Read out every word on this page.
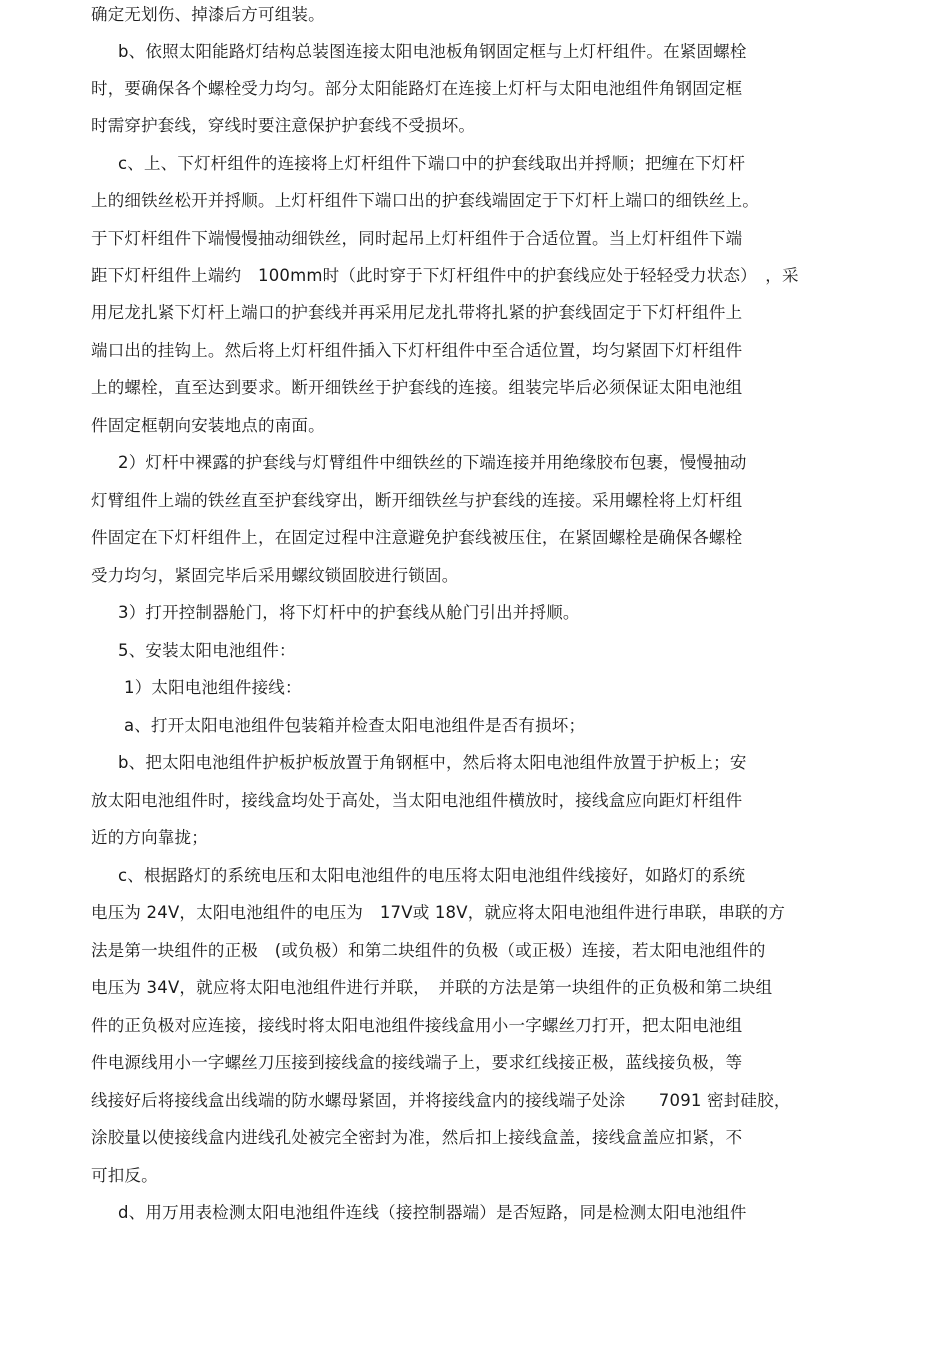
确定无划伤、掉漆后方可组装。
b、依照太阳能路灯结构总装图连接太阳电池板角钢固定框与上灯杆组件。在紧固螺栓
时，要确保各个螺栓受力均匀。部分太阳能路灯在连接上灯杆与太阳电池组件角钢固定框
时需穿护套线，穿线时要注意保护护套线不受损坏。
c、上、下灯杆组件的连接将上灯杆组件下端口中的护套线取出并捋顺；把缠在下灯杆
上的细铁丝松开并捋顺。上灯杆组件下端口出的护套线端固定于下灯杆上端口的细铁丝上。
于下灯杆组件下端慢慢抽动细铁丝，同时起吊上灯杆组件于合适位置。当上灯杆组件下端
距下灯杆组件上端约　100mm时（此时穿于下灯杆组件中的护套线应处于轻轻受力状态）　，采
用尼龙扎紧下灯杆上端口的护套线并再采用尼龙扎带将扎紧的护套线固定于下灯杆组件上
端口出的挂钩上。然后将上灯杆组件插入下灯杆组件中至合适位置，均匀紧固下灯杆组件
上的螺栓，直至达到要求。断开细铁丝于护套线的连接。组装完毕后必须保证太阳电池组
件固定框朝向安装地点的南面。
2）灯杆中裸露的护套线与灯臂组件中细铁丝的下端连接并用绝缘胶布包裹，慢慢抽动
灯臂组件上端的铁丝直至护套线穿出，断开细铁丝与护套线的连接。采用螺栓将上灯杆组
件固定在下灯杆组件上，在固定过程中注意避免护套线被压住，在紧固螺栓是确保各螺栓
受力均匀，紧固完毕后采用螺纹锁固胶进行锁固。
3）打开控制器舱门，将下灯杆中的护套线从舱门引出并捋顺。
5、安装太阳电池组件：
1）太阳电池组件接线：
a、打开太阳电池组件包装箱并检查太阳电池组件是否有损坏；
b、把太阳电池组件护板护板放置于角钢框中，然后将太阳电池组件放置于护板上；安
放太阳电池组件时，接线盒均处于高处，当太阳电池组件横放时，接线盒应向距灯杆组件
近的方向靠拢；
c、根据路灯的系统电压和太阳电池组件的电压将太阳电池组件线接好，如路灯的系统
电压为 24V，太阳电池组件的电压为　17V或 18V，就应将太阳电池组件进行串联，串联的方
法是第一块组件的正极　(或负极）和第二块组件的负极（或正极）连接，若太阳电池组件的
电压为 34V，就应将太阳电池组件进行并联，　并联的方法是第一块组件的正负极和第二块组
件的正负极对应连接，接线时将太阳电池组件接线盒用小一字螺丝刀打开，把太阳电池组
件电源线用小一字螺丝刀压接到接线盒的接线端子上，要求红线接正极，蓝线接负极，等
线接好后将接线盒出线端的防水螺母紧固，并将接线盒内的接线端子处涂　　7091 密封硅胶，
涂胶量以使接线盒内进线孔处被完全密封为准，然后扣上接线盒盖，接线盒盖应扣紧，不
可扣反。
d、用万用表检测太阳电池组件连线（接控制器端）是否短路，同是检测太阳电池组件
